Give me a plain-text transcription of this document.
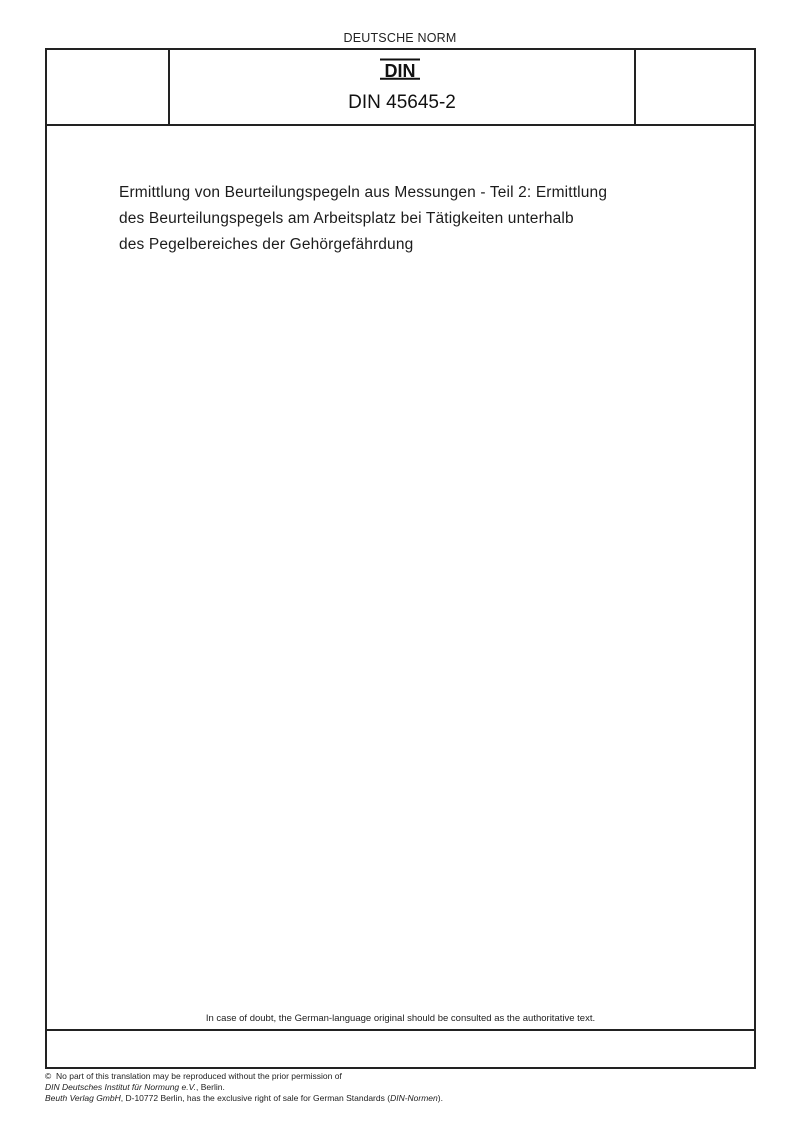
DEUTSCHE NORM
DIN
DIN 45645-2
Ermittlung von Beurteilungspegeln aus Messungen - Teil 2: Ermittlung
des Beurteilungspegels am Arbeitsplatz bei Tätigkeiten unterhalb
des Pegelbereiches der Gehörgefährdung
In case of doubt, the German-language original should be consulted as the authoritative text.
© No part of this translation may be reproduced without the prior permission of
DIN Deutsches Institut für Normung e.V., Berlin.
Beuth Verlag GmbH, D-10772 Berlin, has the exclusive right of sale for German Standards (DIN-Normen).
